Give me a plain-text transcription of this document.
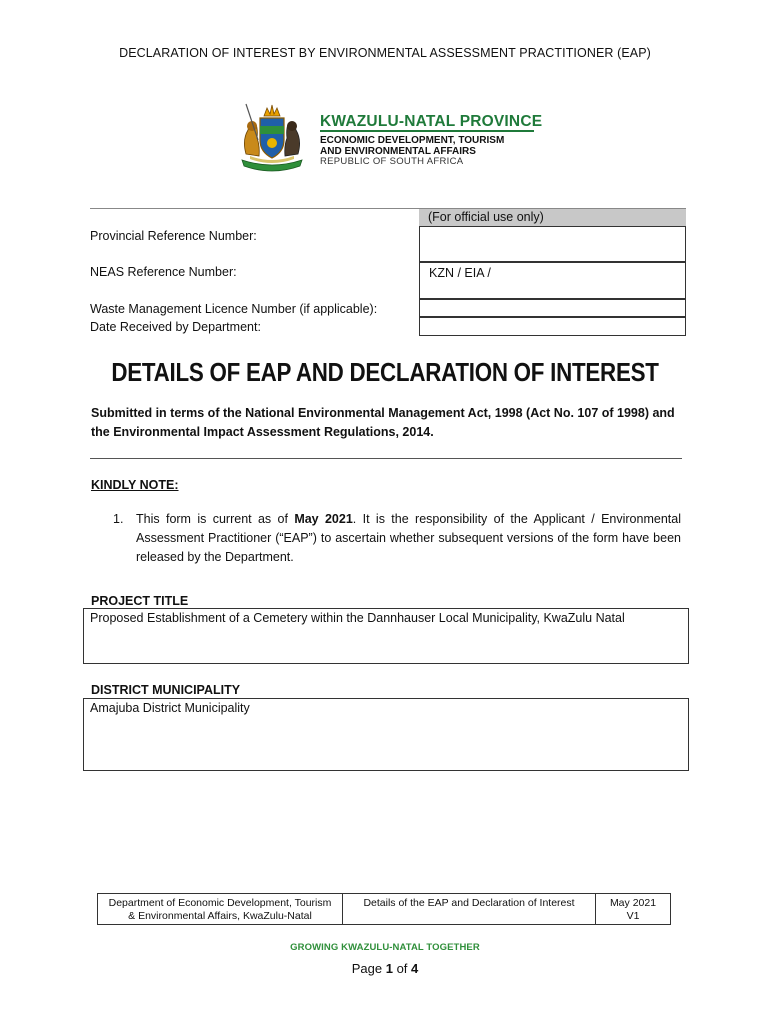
DECLARATION OF INTEREST BY ENVIRONMENTAL ASSESSMENT PRACTITIONER (EAP)
KWAZULU-NATAL PROVINCE
ECONOMIC DEVELOPMENT, TOURISM
AND ENVIRONMENTAL AFFAIRS
REPUBLIC OF SOUTH AFRICA
(For official use only)
KZN / EIA /
Provincial Reference Number:
NEAS Reference Number:
Waste Management Licence Number (if applicable):
Date Received by Department:
DETAILS OF EAP AND DECLARATION OF INTEREST
Submitted in terms of the National Environmental Management Act, 1998 (Act No. 107 of 1998) and the Environmental Impact Assessment Regulations, 2014.
KINDLY NOTE:
1. This form is current as of May 2021. It is the responsibility of the Applicant / Environmental Assessment Practitioner (“EAP”) to ascertain whether subsequent versions of the form have been released by the Department.
PROJECT TITLE
Proposed Establishment of a Cemetery within the Dannhauser Local Municipality, KwaZulu Natal
DISTRICT MUNICIPALITY
Amajuba District Municipality
Department of Economic Development, Tourism
& Environmental Affairs, KwaZulu-Natal
Details of the EAP and Declaration of Interest	May 2021
V1
GROWING KWAZULU-NATAL TOGETHER
Page 1 of 4
